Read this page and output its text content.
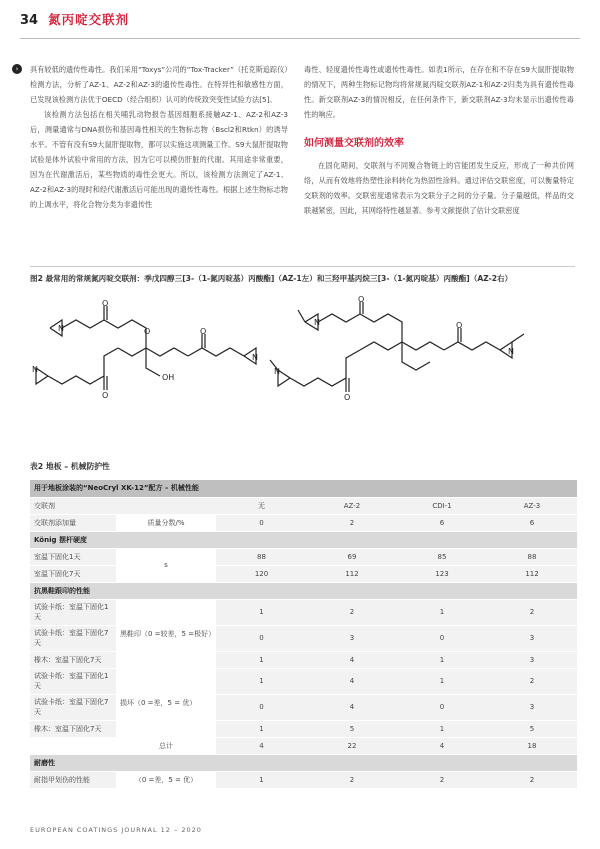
34 氮丙啶交联剂
›	具有较低的遗传性毒性。我们采用“Toxys”公司的“Tox-Tracker”（托克斯追踪仪）检测方法，分析了AZ-1、AZ-2和AZ-3的遗传性毒性。在特异性和敏感性方面，已发现该检测方法优于OECD（经合组织）认可的传统致突变性试验方法[5]。

该检测方法包括在相关哺乳动物报告基因细胞系接触AZ-1、AZ-2和AZ-3后，测量通常与DNA损伤和基因毒性相关的生物标志物（Bscl2和Rtkn）的诱导水平。不管有没有S9大鼠肝提取物，都可以实施这项测量工作。S9大鼠肝提取物试验是体外试验中常用的方法，因为它可以模仿肝脏的代谢。其用途非常重要，因为在代谢激活后，某些物质的毒性会更大。所以，该检测方法测定了AZ-1、AZ-2和AZ-3的现时和经代谢激活后可能出现的遗传性毒性。根据上述生物标志物的上调水平，将化合物分类为非遗传性

毒性、轻度遗传性毒性或遗传性毒性。如表1所示，在存在和不存在S9大鼠肝提取物的情况下，两种生物标记物均将常规氮丙啶交联剂AZ-1和AZ-2归类为具有遗传性毒性。新交联剂AZ-3的情况相反，在任何条件下，新交联剂AZ-3均未显示出遗传性毒性的响应。

如何测量交联剂的效率

在固化期间，交联剂与不同聚合物链上的官能团发生反应，形成了一种共价网络，从而有效地将热塑性涂料转化为热固性涂料。通过评估交联密度，可以衡量特定交联剂的效率。交联密度通常表示为交联分子之间的分子量。分子量越低，样品的交联越紧密，因此，其网络特性越显著。参考文献提供了估计交联密度

图2 最常用的常规氮丙啶交联剂：季戊四醇三[3-（1-氮丙啶基）丙酸酯]（AZ-1左）和三羟甲基丙烷三[3-（1-氮丙啶基）丙酸酯]（AZ-2右）
N
O
O	O
N
OH
O
N
N
O
O
N
O
N
表2 地板 – 机械防护性
用于地板涂装的“NeoCryl XK-12”配方 – 机械性能					
交联剂		无	AZ-2	CDI-1	AZ-3
交联剂添加量	质量分数/%	0	2	6	6
König 摆杆硬度					
室温下固化1天	s	88	69	85	88
室温下固化7天		120	112	123	112
抗黑鞋跟印的性能					
试验卡纸：室温下固化1天	黑鞋印（0 =较差，5 =极好）	1	2	1	2
试验卡纸：室温下固化7天		0	3	0	3
橡木：室温下固化7天		1	4	1	3
试验卡纸：室温下固化1天	损坏（0 =差，5 = 优）	1	4	1	2
试验卡纸：室温下固化7天		0	4	0	3
橡木：室温下固化7天		1	5	1	5
	总计	4	22	4	18
耐磨性					
耐指甲划伤的性能	（0 =差，5 = 优）	1	2	2	2
EUROPEAN COATINGS JOURNAL 12 – 2020
